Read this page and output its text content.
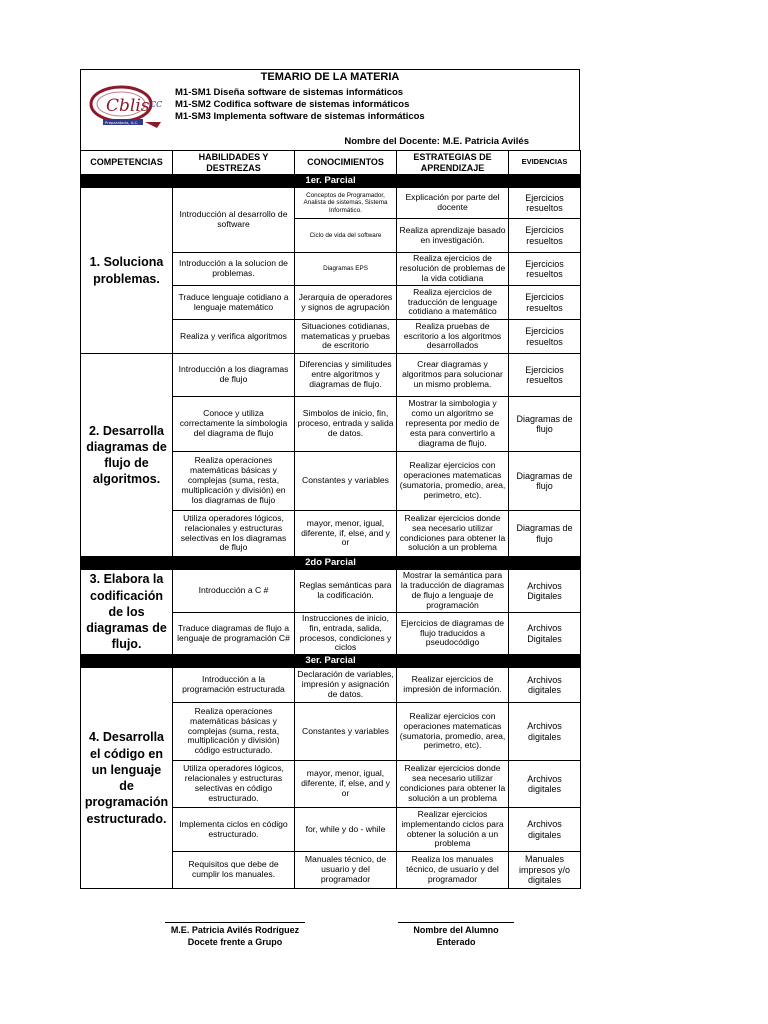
TEMARIO DE LA MATERIA
Cblis CC
Preparatoria, A.C.
M1-SM1 Diseña software de sistemas informáticos
M1-SM2 Codifica software de sistemas informáticos
M1-SM3 Implementa software de sistemas informáticos
Nombre del Docente: M.E. Patricia Avilés
COMPETENCIAS	HABILIDADES Y DESTREZAS	CONOCIMIENTOS	ESTRATEGIAS DE APRENDIZAJE	EVIDENCIAS
1er. Parcial				
1. Soluciona problemas.	Introducción al desarrollo de software	Conceptos de Programador, Analista de sistemas, Sistema Informático.	Explicación por parte del docente	Ejercicios resueltos
		Ciclo de vida del software	Realiza aprendizaje basado en investigación.	Ejercicios resueltos
	Introducción a la solucion de problemas.	Diagramas EPS	Realiza ejercicios de resolución de problemas de la vida cotidiana	Ejercicios resueltos
	Traduce lenguaje cotidiano a lenguaje matemático	Jerarquia de operadores y signos de agrupación	Realiza ejercicios de traducción de lenguage cotidiano a matemático	Ejercicios resueltos
	Realiza y verifica algoritmos	Situaciones cotidianas, matematicas y pruebas de escritorio	Realiza pruebas de escritorio a los algoritmos desarrollados	Ejercicios resueltos
2. Desarrolla diagramas de flujo de algoritmos.	Introducción a los diagramas de flujo	Diferencias y similitudes entre algoritmos y diagramas de flujo.	Crear diagramas y algoritmos para solucionar un mismo problema.	Ejercicios resueltos
	Conoce y utiliza correctamente la simbologia del diagrama de flujo	Simbolos de inicio, fin, proceso, entrada y salida de datos.	Mostrar la simbologia y como un algoritmo se representa por medio de esta para convertirlo a diagrama de flujo.	Diagramas de flujo
	Realiza operaciones matemáticas básicas y complejas (suma, resta, multiplicación y división) en los diagramas de flujo	Constantes y variables	Realizar ejercicios con operaciones matematicas (sumatoria, promedio, area, perimetro, etc).	Diagramas de flujo
	Utiliza operadores lógicos, relacionales y estructuras selectivas en los diagramas de flujo	mayor, menor, igual, diferente, if, else, and y or	Realizar ejercicios donde sea necesario utilizar condiciones para obtener la solución a un problema	Diagramas de flujo
2do Parcial				
3. Elabora la codificación de los diagramas de flujo.	Introducción a C #	Reglas semánticas para la codificación.	Mostrar la semántica para la traducción de diagramas de flujo a lenguaje de programación	Archivos Digitales
	Traduce diagramas de flujo a lenguaje de programación C#	Instrucciones de inicio, fin, entrada, salida, procesos, condiciones y ciclos	Ejercicios de diagramas de flujo traducidos a pseudocódigo	Archivos Digitales
3er. Parcial				
4. Desarrolla el código en un lenguaje de programación estructurado.	Introducción a la programación estructurada	Declaración de variables, impresión y asignación de datos.	Realizar ejercicios de impresión de información.	Archivos digitales
	Realiza operaciones matemáticas básicas y complejas (suma, resta, multiplicación y división) código estructurado.	Constantes y variables	Realizar ejercicios con operaciones matematicas (sumatoria, promedio, area, perimetro, etc).	Archivos digitales
	Utiliza operadores lógicos, relacionales y estructuras selectivas en código estructurado.	mayor, menor, igual, diferente, if, else, and y or	Realizar ejercicios donde sea necesario utilizar condiciones para obtener la solución a un problema	Archivos digitales
	Implementa ciclos en código estructurado.	for, while y do - while	Realizar ejercicios implementando ciclos para obtener la solución a un problema	Archivos digitales
	Requisitos que debe de cumplir los manuales.	Manuales técnico, de usuario y del programador	Realiza los manuales técnico, de usuario y del programador	Manuales impresos y/o digitales
M.E. Patricia Avilés Rodríguez
Docete frente a Grupo
Nombre del Alumno
Enterado
